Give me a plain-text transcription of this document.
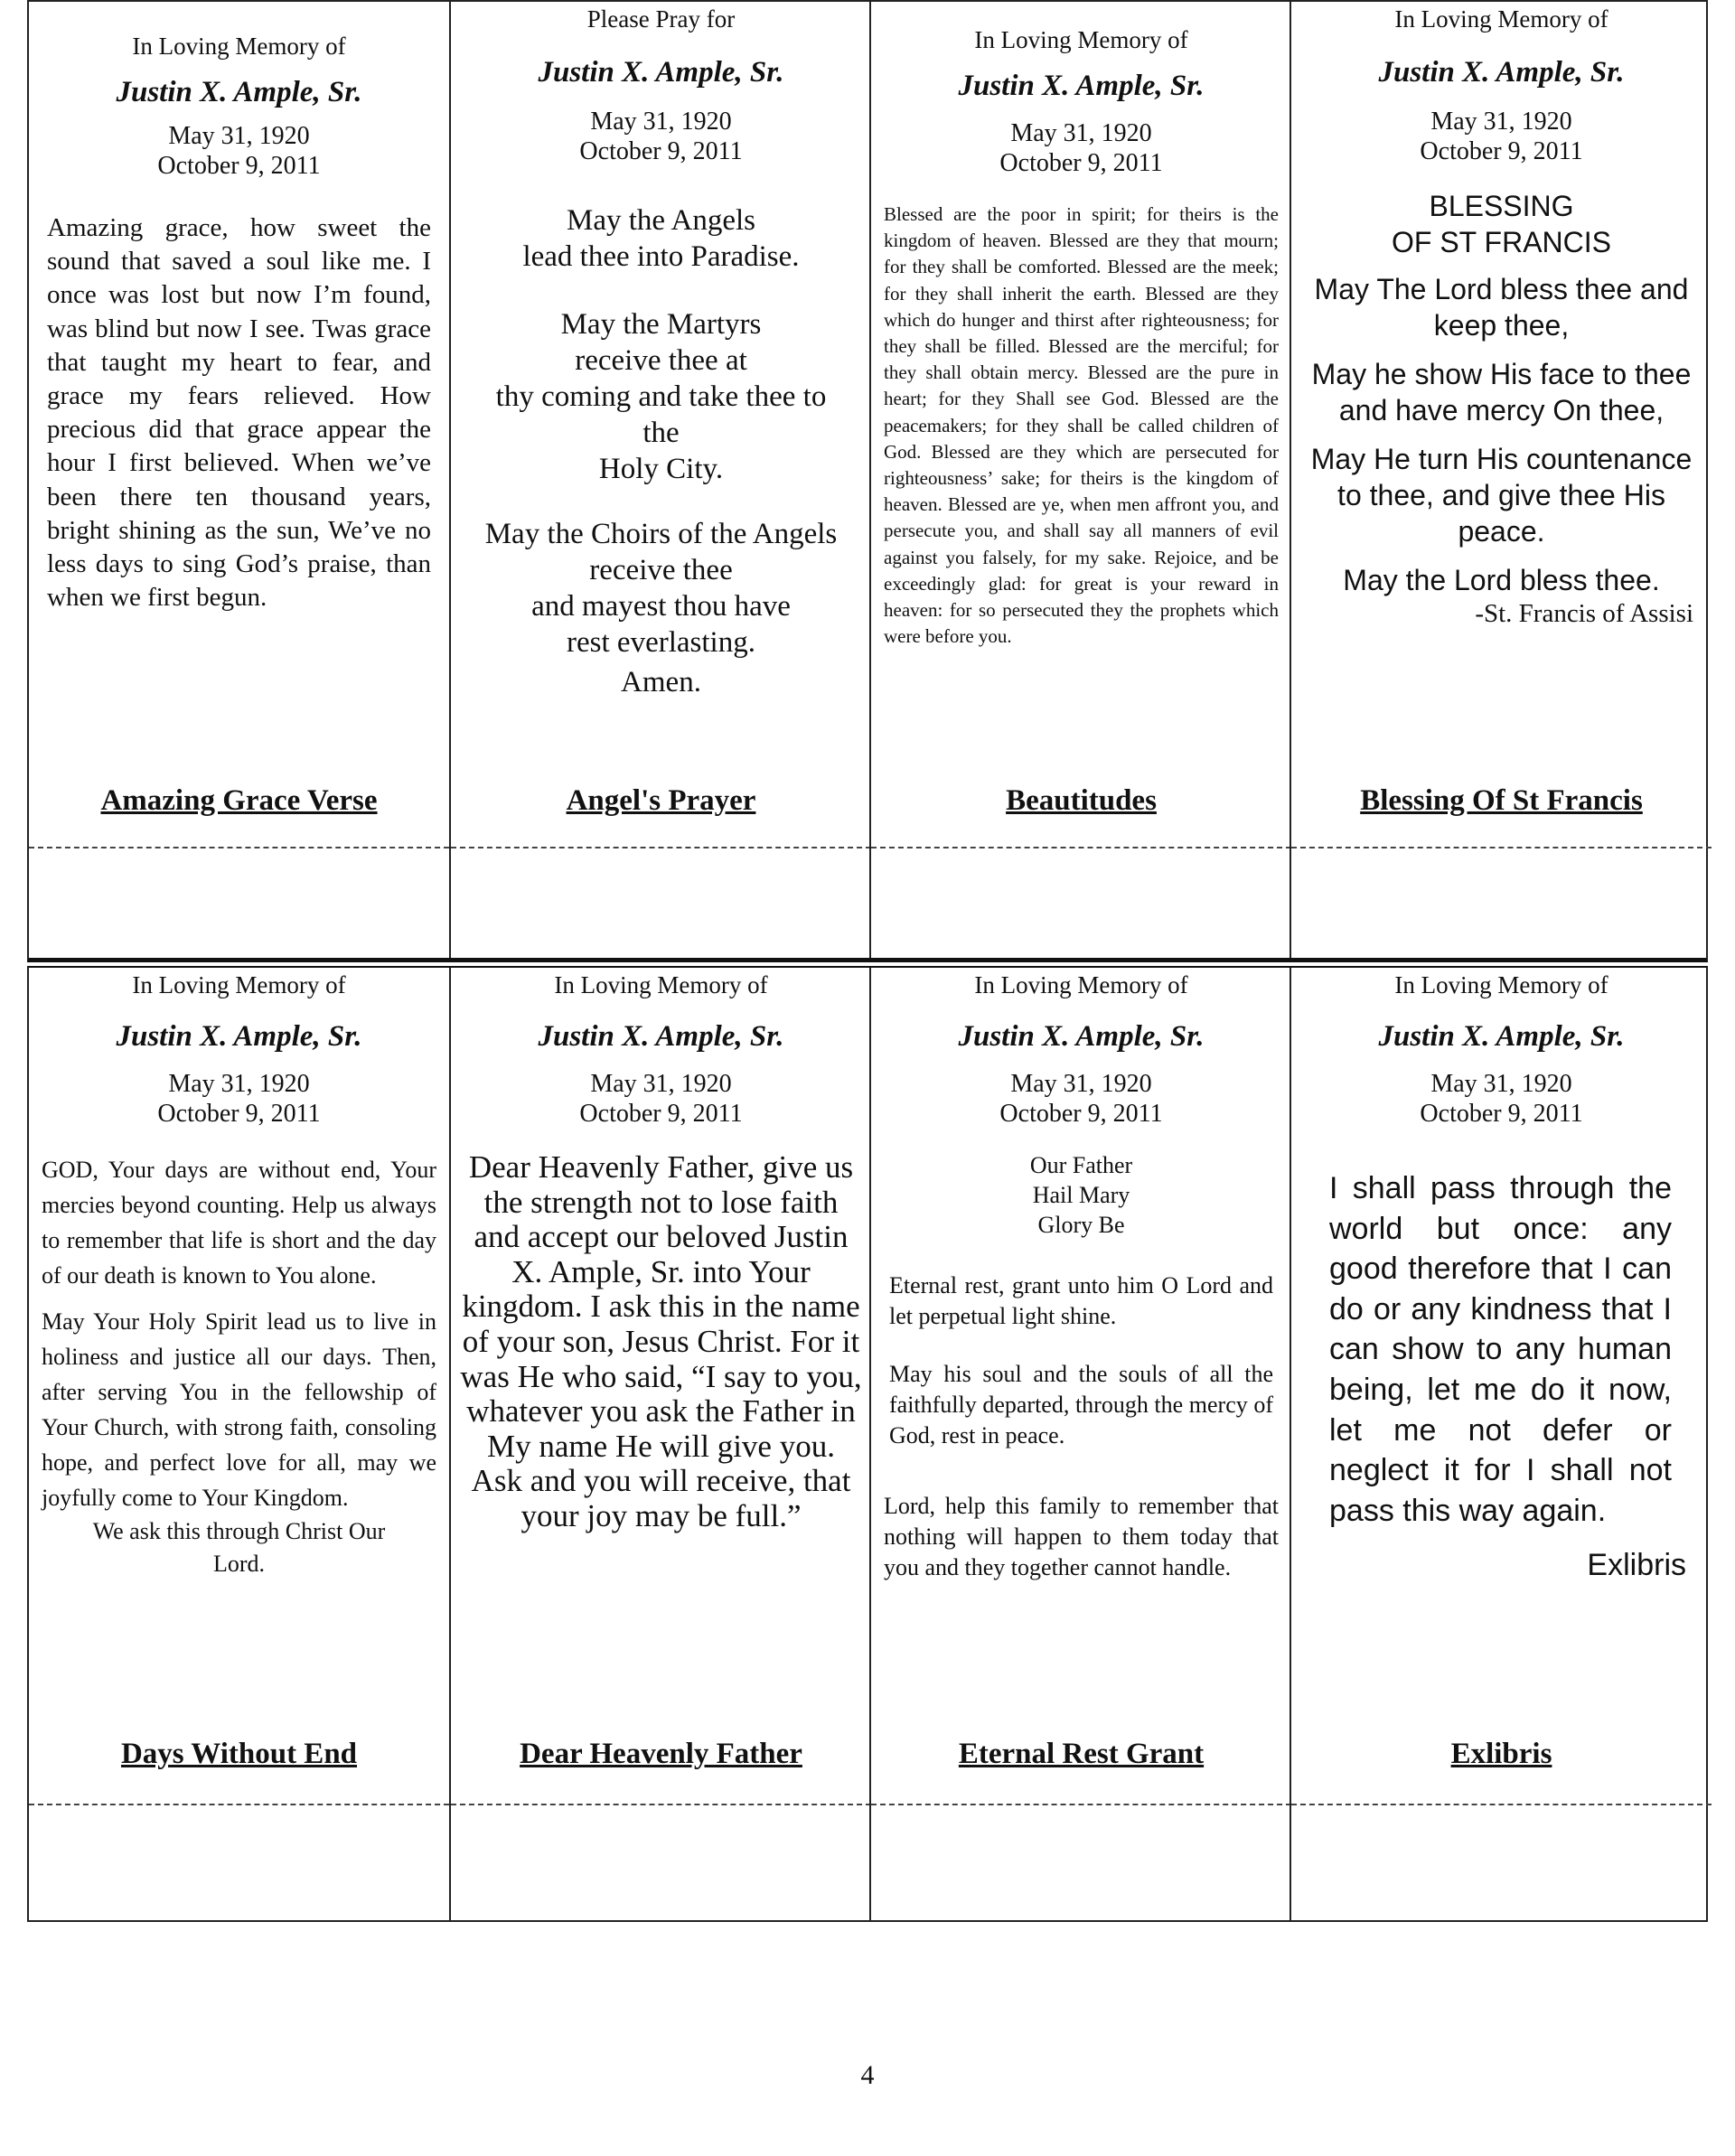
In Loving Memory of
Justin X. Ample, Sr.
May 31, 1920
October 9, 2011
Amazing grace, how sweet the sound that saved a soul like me. I once was lost but now I’m found, was blind but now I see. Twas grace that taught my heart to fear, and grace my fears relieved. How precious did that grace appear the hour I first believed. When we’ve been there ten thousand years, bright shining as the sun, We’ve no less days to sing God’s praise, than when we first begun.
Amazing Grace Verse
Please Pray for
Justin X. Ample, Sr.
May 31, 1920
October 9, 2011
May the Angels
lead thee into Paradise.
May the Martyrs
receive thee at
thy coming and take thee to
the
Holy City.
May the Choirs of the Angels
receive thee
and mayest thou have
rest everlasting.
Amen.
Angel's Prayer
In Loving Memory of
Justin X. Ample, Sr.
May 31, 1920
October 9, 2011
Blessed are the poor in spirit; for theirs is the kingdom of heaven. Blessed are they that mourn; for they shall be comforted. Blessed are the meek; for they shall inherit the earth. Blessed are they which do hunger and thirst after righteousness; for they shall be filled. Blessed are the merciful; for they shall obtain mercy. Blessed are the pure in heart; for they Shall see God. Blessed are the peacemakers; for they shall be called children of God. Blessed are they which are persecuted for righteousness’ sake; for theirs is the kingdom of heaven. Blessed are ye, when men affront you, and persecute you, and shall say all manners of evil against you falsely, for my sake. Rejoice, and be exceedingly glad: for great is your reward in heaven: for so persecuted they the prophets which were before you.
Beautitudes
In Loving Memory of
Justin X. Ample, Sr.
May 31, 1920
October 9, 2011
BLESSING
OF ST FRANCIS
May The Lord bless thee and keep thee,
May he show His face to thee and have mercy On thee,
May He turn His countenance to thee, and give thee His peace.
May the Lord bless thee.
-St. Francis of Assisi
Blessing Of St Francis
In Loving Memory of
Justin X. Ample, Sr.
May 31, 1920
October 9, 2011
GOD, Your days are without end, Your mercies beyond counting. Help us always to remember that life is short and the day of our death is known to You alone.
May Your Holy Spirit lead us to live in holiness and justice all our days. Then, after serving You in the fellowship of Your Church, with strong faith, consoling hope, and perfect love for all, may we joyfully come to Your Kingdom.
We ask this through Christ Our Lord.
Days Without End
In Loving Memory of
Justin X. Ample, Sr.
May 31, 1920
October 9, 2011
Dear Heavenly Father, give us the strength not to lose faith and accept our beloved Justin X. Ample, Sr. into Your kingdom. I ask this in the name of your son, Jesus Christ. For it was He who said, “I say to you, whatever you ask the Father in My name He will give you. Ask and you will receive, that your joy may be full.”
Dear Heavenly Father
In Loving Memory of
Justin X. Ample, Sr.
May 31, 1920
October 9, 2011
Our Father
Hail Mary
Glory Be
Eternal rest, grant unto him O Lord and let perpetual light shine.
May his soul and the souls of all the faithfully departed, through the mercy of God, rest in peace.
Lord, help this family to remember that nothing will happen to them today that you and they together cannot handle.
Eternal Rest Grant
In Loving Memory of
Justin X. Ample, Sr.
May 31, 1920
October 9, 2011
I shall pass through the world but once: any good therefore that I can do or any kindness that I can show to any human being, let me do it now, let me not defer or neglect it for I shall not pass this way again.
Exlibris
Exlibris
4
